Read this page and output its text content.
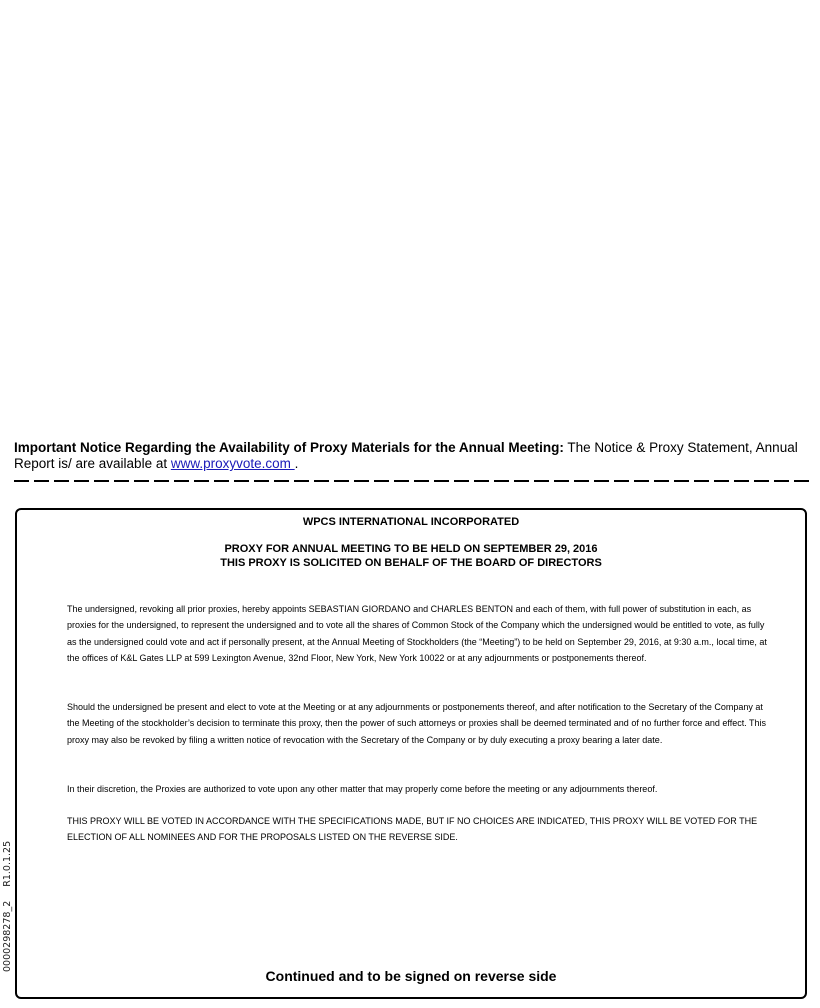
Important Notice Regarding the Availability of Proxy Materials for the Annual Meeting: The Notice & Proxy Statement, Annual Report is/ are available at www.proxyvote.com .
WPCS INTERNATIONAL INCORPORATED
PROXY FOR ANNUAL MEETING TO BE HELD ON SEPTEMBER 29, 2016
THIS PROXY IS SOLICITED ON BEHALF OF THE BOARD OF DIRECTORS
The undersigned, revoking all prior proxies, hereby appoints SEBASTIAN GIORDANO and CHARLES BENTON and each of them, with full power of substitution in each, as proxies for the undersigned, to represent the undersigned and to vote all the shares of Common Stock of the Company which the undersigned would be entitled to vote, as fully as the undersigned could vote and act if personally present, at the Annual Meeting of Stockholders (the “Meeting”) to be held on September 29, 2016, at 9:30 a.m., local time, at the offices of K&L Gates LLP at 599 Lexington Avenue, 32nd Floor, New York, New York 10022 or at any adjournments or postponements thereof.
Should the undersigned be present and elect to vote at the Meeting or at any adjournments or postponements thereof, and after notification to the Secretary of the Company at the Meeting of the stockholder’s decision to terminate this proxy, then the power of such attorneys or proxies shall be deemed terminated and of no further force and effect. This proxy may also be revoked by filing a written notice of revocation with the Secretary of the Company or by duly executing a proxy bearing a later date.
In their discretion, the Proxies are authorized to vote upon any other matter that may properly come before the meeting or any adjournments thereof.
THIS PROXY WILL BE VOTED IN ACCORDANCE WITH THE SPECIFICATIONS MADE, BUT IF NO CHOICES ARE INDICATED, THIS PROXY WILL BE VOTED FOR THE ELECTION OF ALL NOMINEES AND FOR THE PROPOSALS LISTED ON THE REVERSE SIDE.
Continued and to be signed on reverse side
0000298278_2R1.0.1.25
